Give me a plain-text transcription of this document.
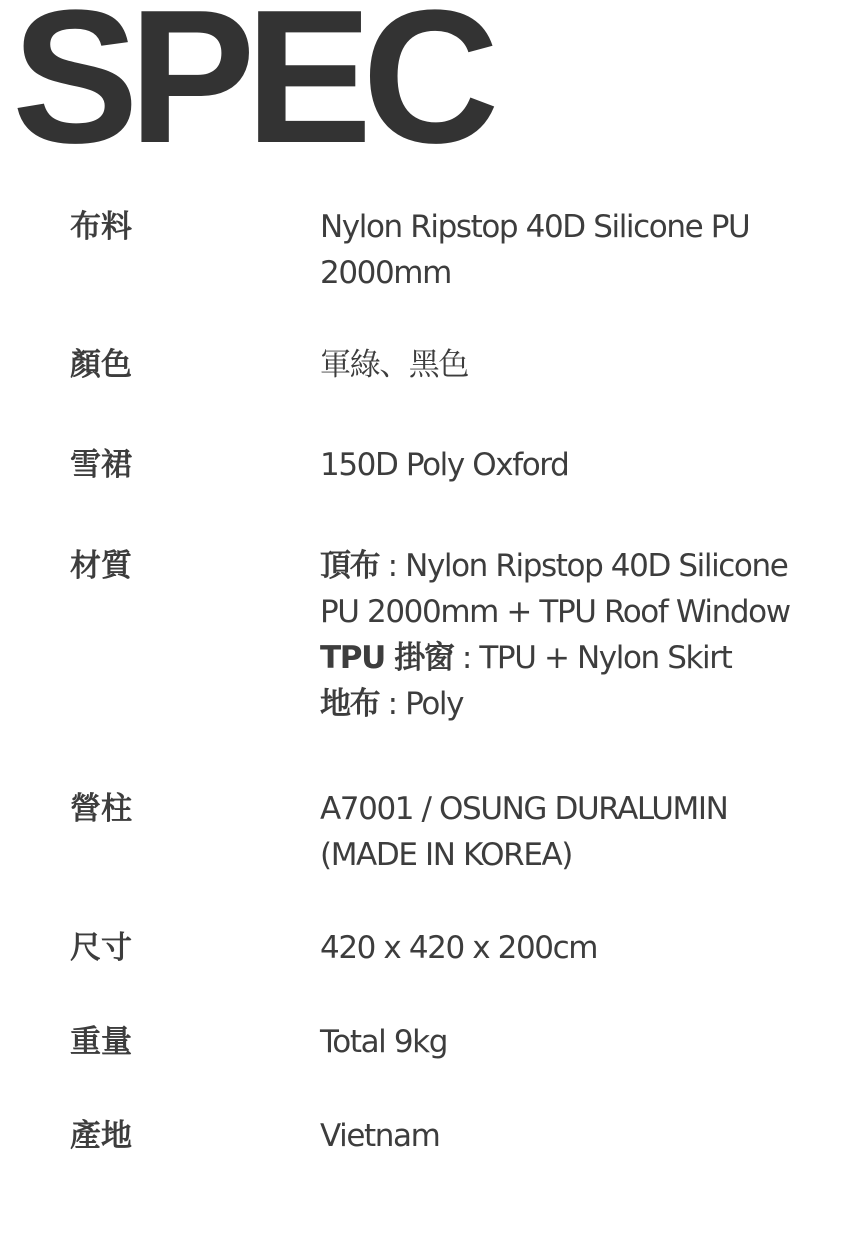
SPEC
布料	Nylon Ripstop 40D Silicone PU
2000mm
顏色	軍綠、黑色
雪裙	150D Poly Oxford
材質	頂布 : Nylon Ripstop 40D Silicone
PU 2000mm + TPU Roof Window
TPU 掛窗 : TPU + Nylon Skirt
地布 : Poly
營柱	A7001 / OSUNG DURALUMIN
(MADE IN KOREA)
尺寸	420 x 420 x 200cm
重量	Total 9kg
產地	Vietnam
